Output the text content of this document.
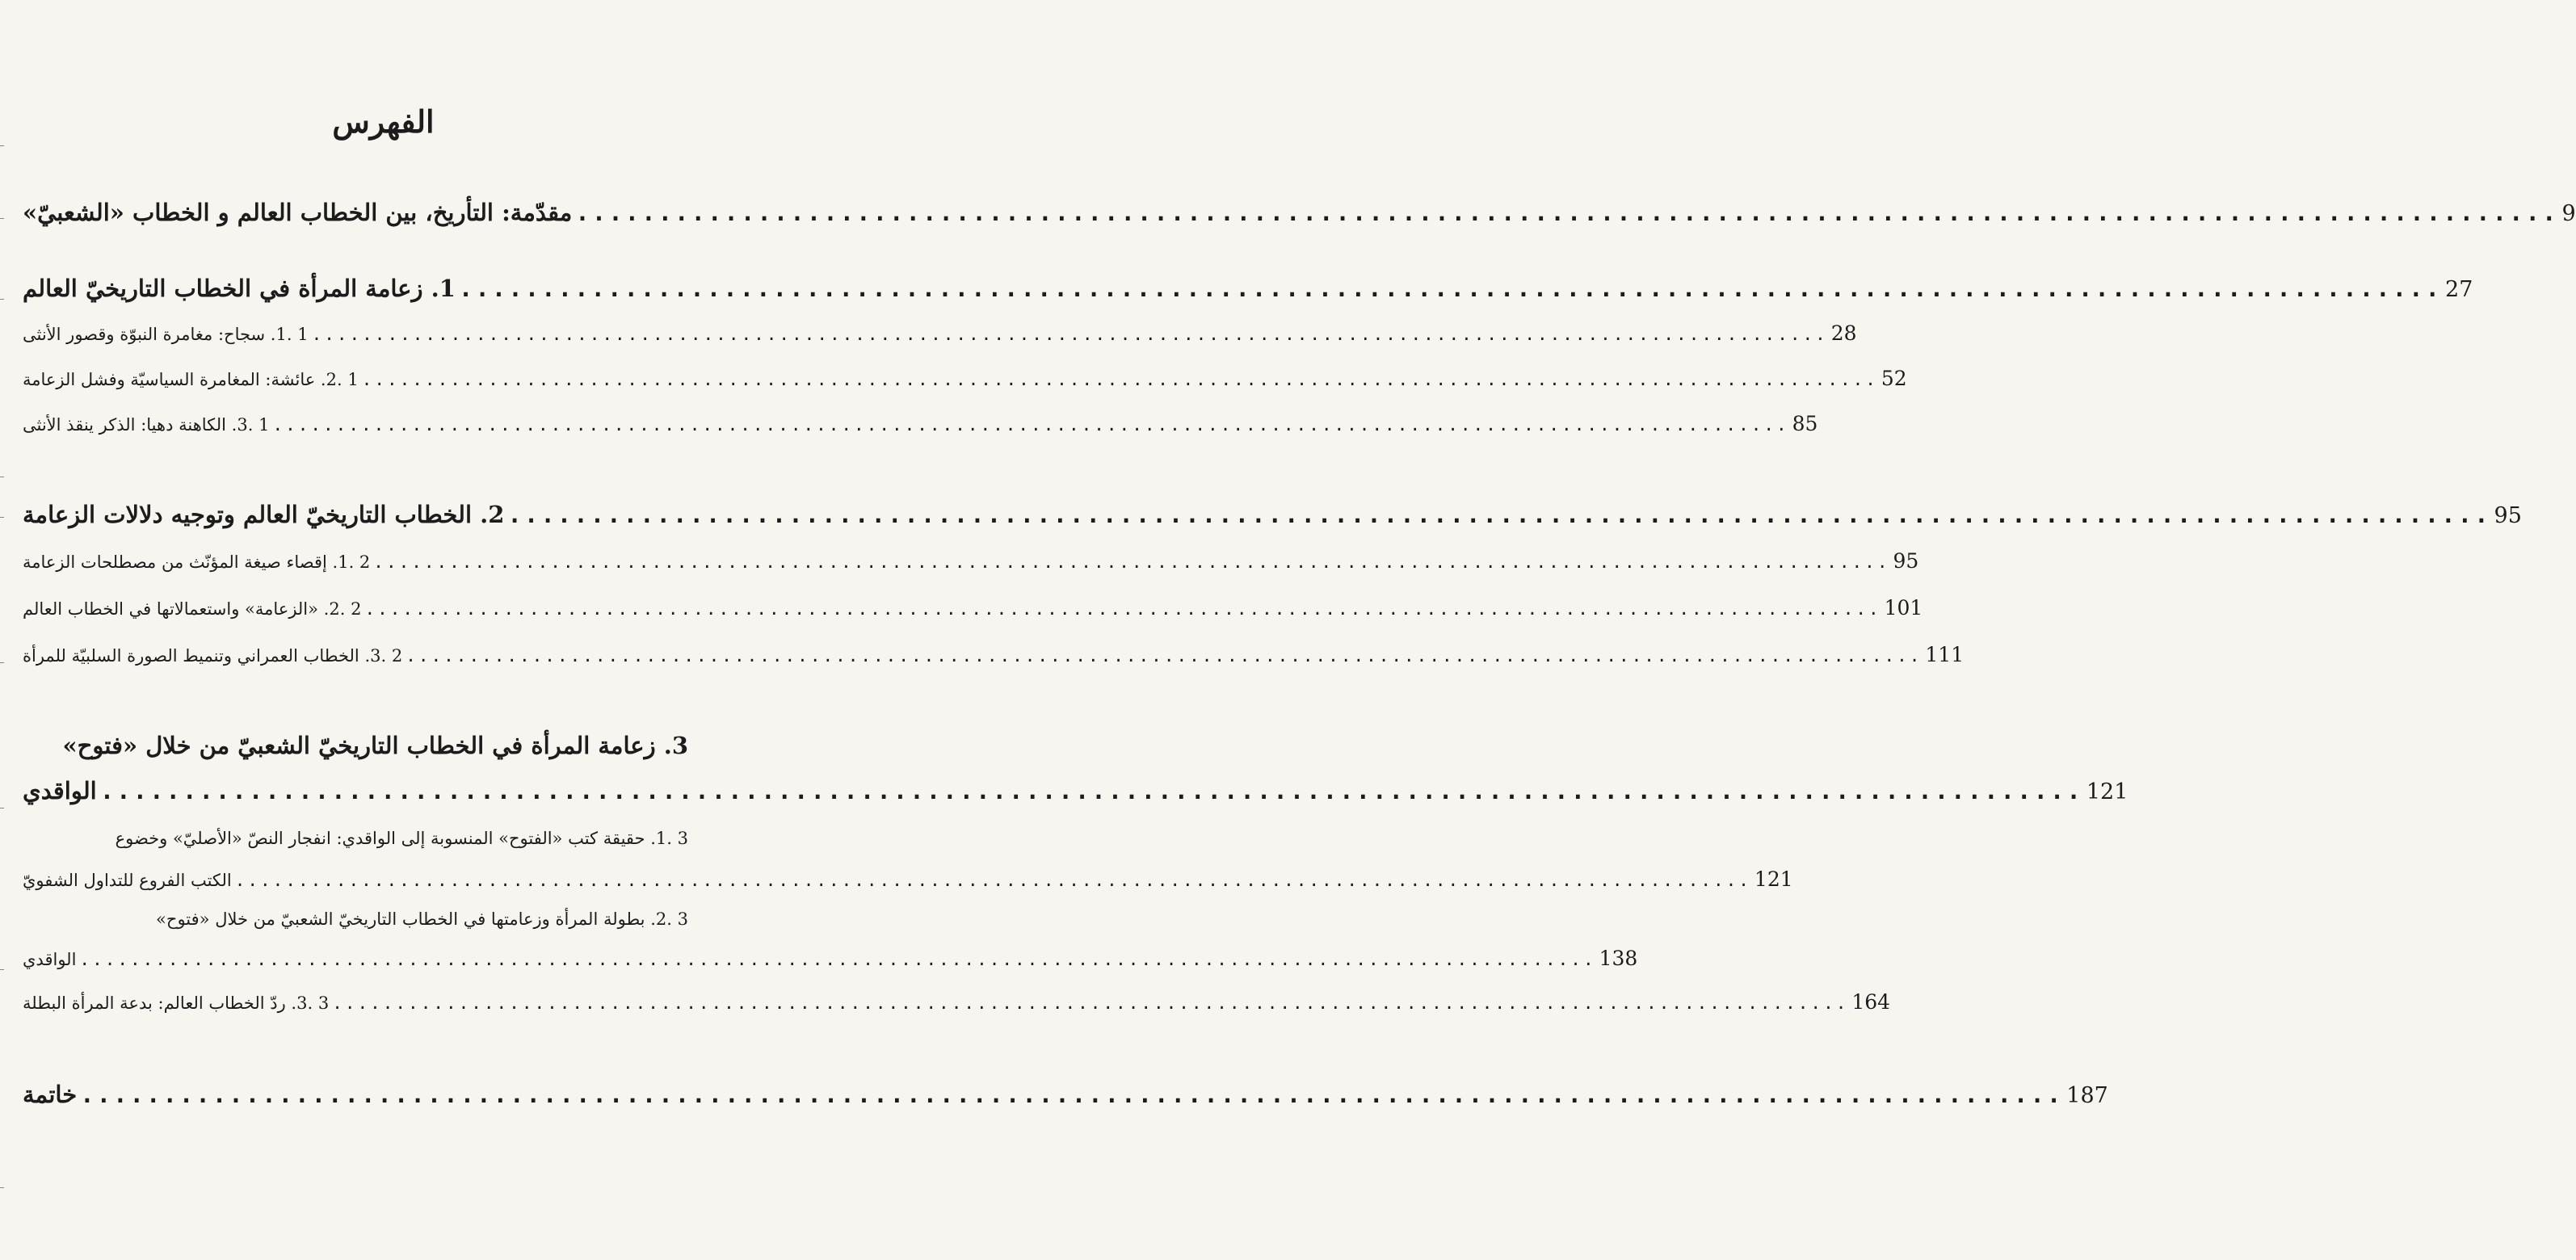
الفهرس
مقدّمة: التأريخ، بين الخطاب العالم و الخطاب «الشعبيّ» ........................................................................................................................ 9
1. زعامة المرأة في الخطاب التاريخيّ العالم ........................................................................................................................ 27
1 .1. سجاح: مغامرة النبوّة وقصور الأنثى ........................................................................................................................ 28
1 .2. عائشة: المغامرة السياسيّة وفشل الزعامة ........................................................................................................................ 52
1 .3. الكاهنة دهيا: الذكر ينقذ الأنثى ........................................................................................................................ 85
2. الخطاب التاريخيّ العالم وتوجيه دلالات الزعامة ........................................................................................................................ 95
2 .1. إقصاء صيغة المؤنّث من مصطلحات الزعامة ........................................................................................................................ 95
2 .2. «الزعامة» واستعمالاتها في الخطاب العالم ........................................................................................................................ 101
2 .3. الخطاب العمراني وتنميط الصورة السلبيّة للمرأة ........................................................................................................................ 111
3. زعامة المرأة في الخطاب التاريخيّ الشعبيّ من خلال «فتوح»
الواقدي ........................................................................................................................ 121
3 .1. حقيقة كتب «الفتوح» المنسوبة إلى الواقدي: انفجار النصّ «الأصليّ» وخضوع
الكتب الفروع للتداول الشفويّ ........................................................................................................................ 121
3 .2. بطولة المرأة وزعامتها في الخطاب التاريخيّ الشعبيّ من خلال «فتوح»
الواقدي ........................................................................................................................ 138
3 .3. ردّ الخطاب العالم: بدعة المرأة البطلة ........................................................................................................................ 164
خاتمة ........................................................................................................................ 187
